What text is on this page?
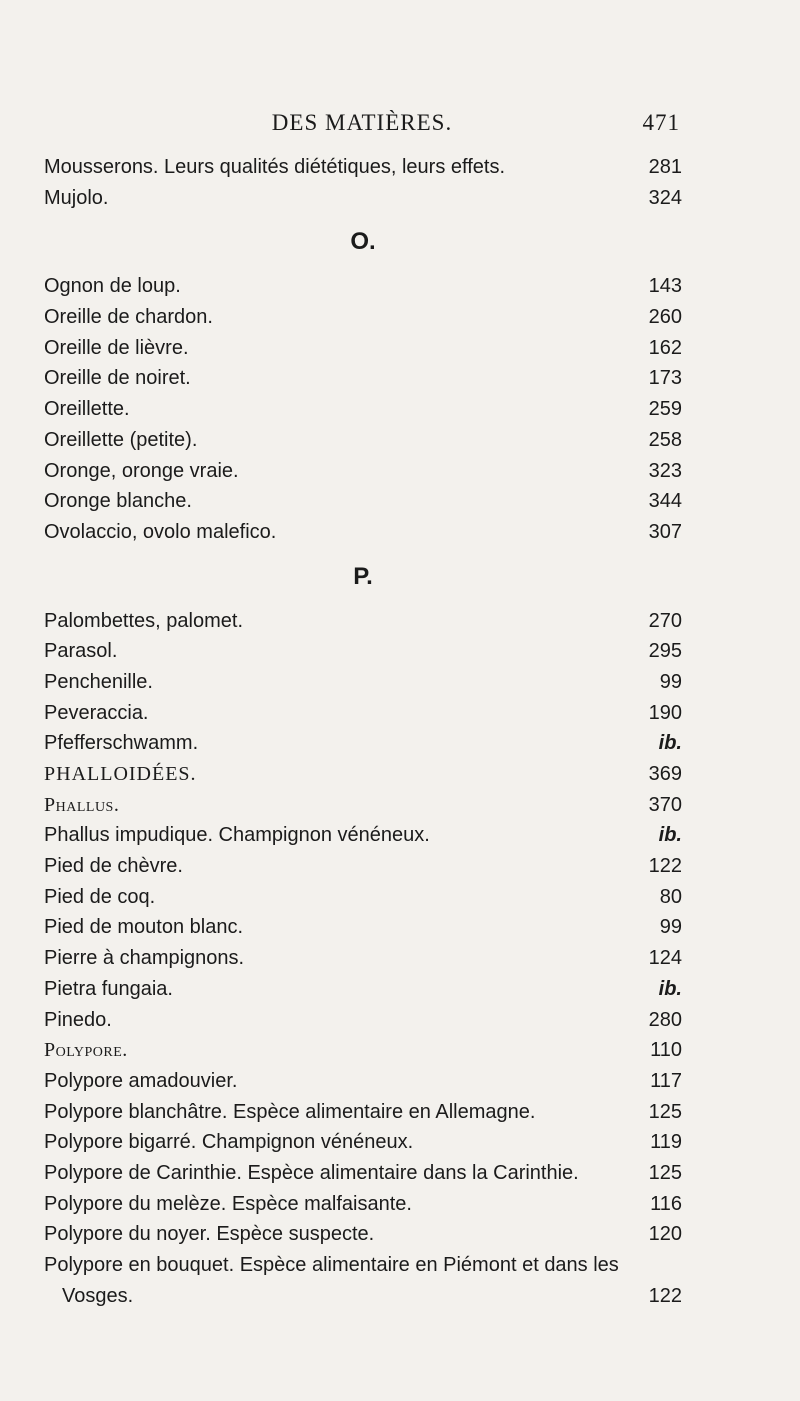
DES MATIÈRES.	471
Mousserons. Leurs qualités diététiques, leurs effets.	281
Mujolo.	324
O.
Ognon de loup.	143
Oreille de chardon.	260
Oreille de lièvre.	162
Oreille de noiret.	173
Oreillette.	259
Oreillette (petite).	258
Oronge, oronge vraie.	323
Oronge blanche.	344
Ovolaccio, ovolo malefico.	307
P.
Palombettes, palomet.	270
Parasol.	295
Penchenille.	99
Peveraccia.	190
Pfefferschwamm.	ib.
PHALLOIDÉES.	369
Phallus.	370
Phallus impudique. Champignon vénéneux.	ib.
Pied de chèvre.	122
Pied de coq.	80
Pied de mouton blanc.	99
Pierre à champignons.	124
Pietra fungaia.	ib.
Pinedo.	280
Polypore.	110
Polypore amadouvier.	117
Polypore blanchâtre. Espèce alimentaire en Allemagne.	125
Polypore bigarré. Champignon vénéneux.	119
Polypore de Carinthie. Espèce alimentaire dans la Carinthie.	125
Polypore du melèze. Espèce malfaisante.	116
Polypore du noyer. Espèce suspecte.	120
Polypore en bouquet. Espèce alimentaire en Piémont et dans les
Vosges.	122
